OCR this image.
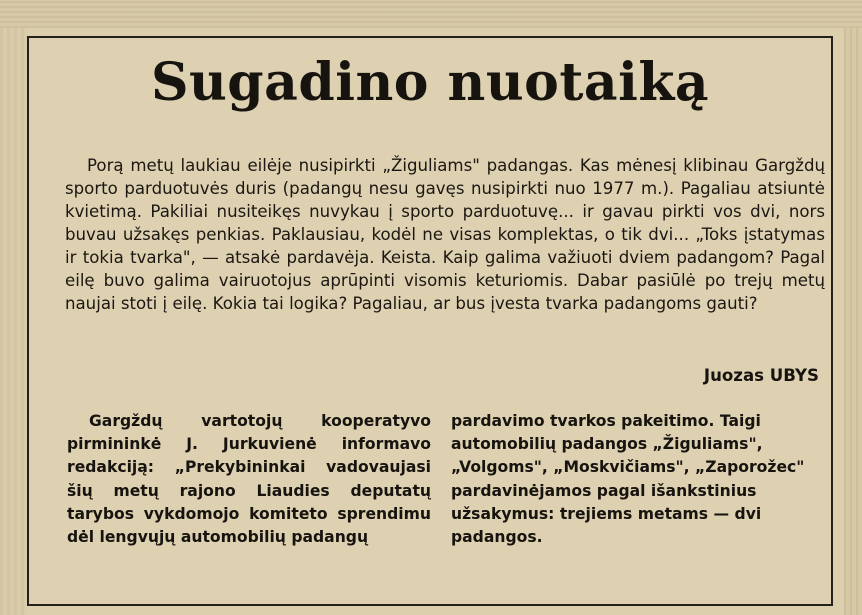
Sugadino nuotaiką

Porą metų laukiau eilėje nusipirkti „Žiguliams" padangas. Kas mėnesį klibinau Gargždų sporto parduotuvės duris (padangų nesu gavęs nusipirkti nuo 1977 m.). Pagaliau atsiuntė kvietimą. Pakiliai nusiteikęs nuvykau į sporto parduotuvę... ir gavau pirkti vos dvi, nors buvau užsakęs penkias. Paklausiau, kodėl ne visas komplektas, o tik dvi... „Toks įstatymas ir tokia tvarka", — atsakė pardavėja. Keista. Kaip galima važiuoti dviem padangom? Pagal eilę buvo galima vairuotojus aprūpinti visomis keturiomis. Dabar pasiūlė po trejų metų naujai stoti į eilę. Kokia tai logika? Pagaliau, ar bus įvesta tvarka padangoms gauti?

Juozas UBYS

Gargždų vartotojų kooperatyvo pirmininkė J. Jurkuvienė informavo redakciją: „Prekybininkai vadovaujasi šių metų rajono Liaudies deputatų tarybos vykdomojo komiteto sprendimu dėl lengvųjų automobilių padangų

pardavimo tvarkos pakeitimo. Taigi automobilių padangos „Žiguliams", „Volgoms", „Moskvičiams", „Zaporožec" pardavinėjamos pagal išankstinius užsakymus: trejiems metams — dvi padangos.
